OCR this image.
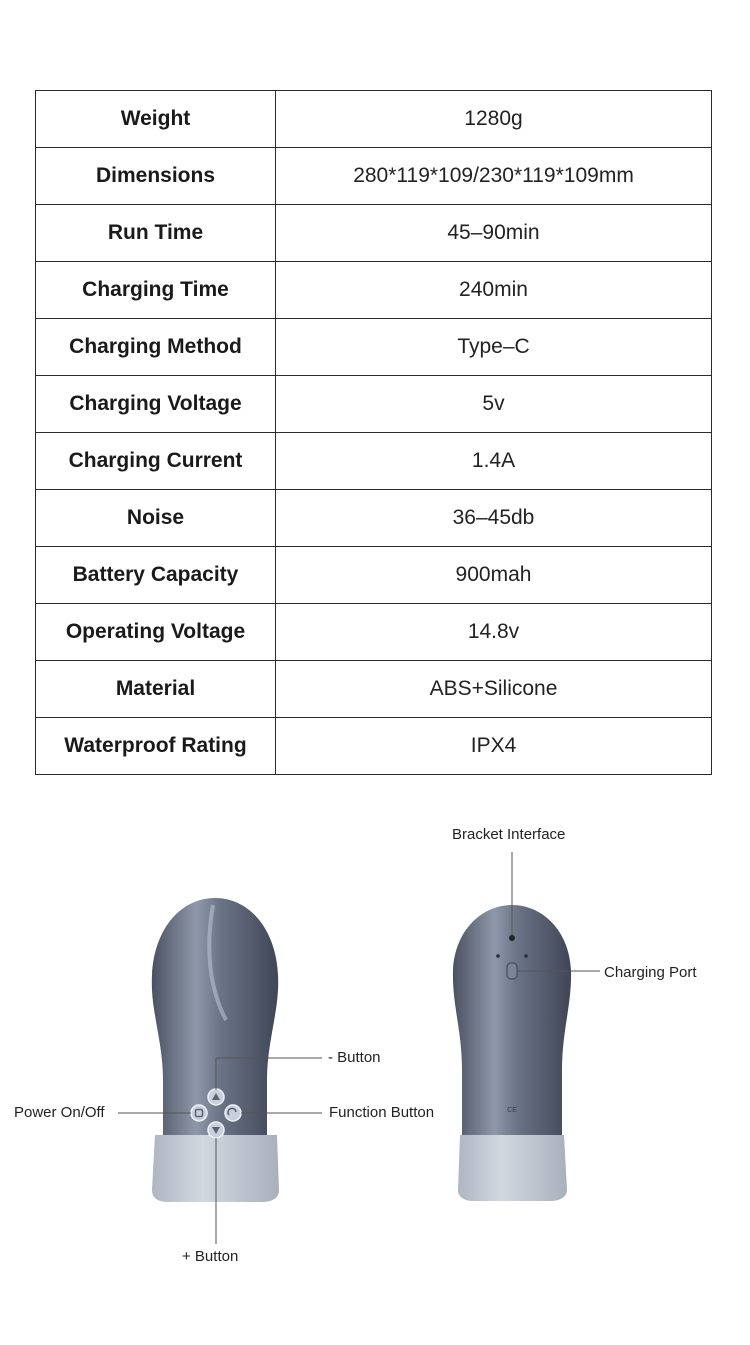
Weight	1280g
Dimensions	280*119*109/230*119*109mm
Run Time	45–90min
Charging Time	240min
Charging Method	Type–C
Charging Voltage	5v
Charging Current	1.4A
Noise	36–45db
Battery Capacity	900mah
Operating Voltage	14.8v
Material	ABS+Silicone
Waterproof Rating	IPX4
CE
Bracket Interface
Charging Port
- Button
Power On/Off	Function Button
+ Button
